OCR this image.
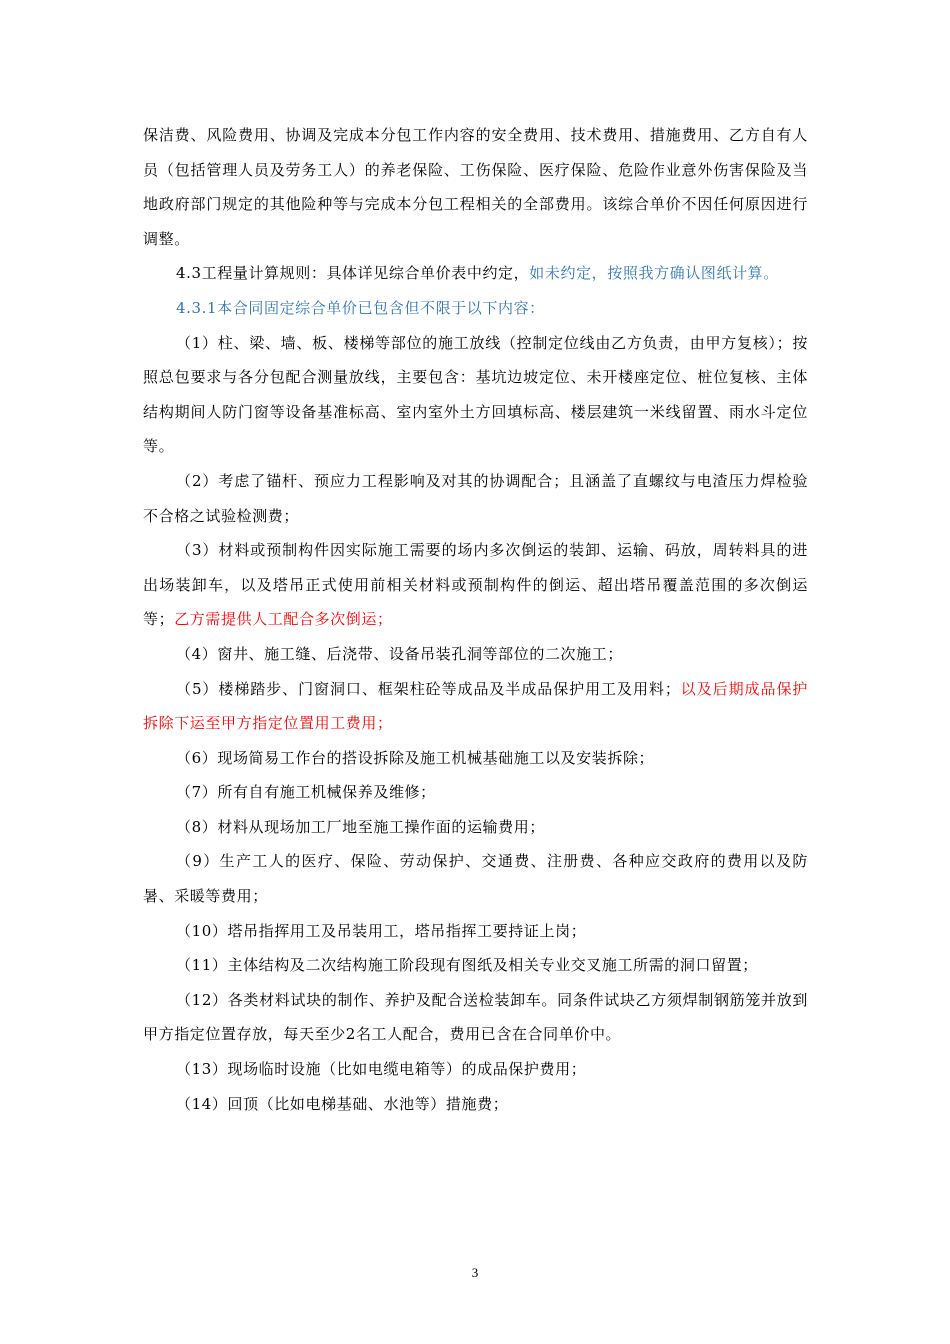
保洁费、风险费用、协调及完成本分包工作内容的安全费用、技术费用、措施费用、乙方自有人员（包括管理人员及劳务工人）的养老保险、工伤保险、医疗保险、危险作业意外伤害保险及当地政府部门规定的其他险种等与完成本分包工程相关的全部费用。该综合单价不因任何原因进行调整。

4.3工程量计算规则：具体详见综合单价表中约定，如未约定，按照我方确认图纸计算。

4.3.1本合同固定综合单价已包含但不限于以下内容：

（1）柱、梁、墙、板、楼梯等部位的施工放线（控制定位线由乙方负责，由甲方复核）；按照总包要求与各分包配合测量放线，主要包含：基坑边坡定位、未开楼座定位、桩位复核、主体结构期间人防门窗等设备基准标高、室内室外土方回填标高、楼层建筑一米线留置、雨水斗定位等。

（2）考虑了锚杆、预应力工程影响及对其的协调配合；且涵盖了直螺纹与电渣压力焊检验不合格之试验检测费；

（3）材料或预制构件因实际施工需要的场内多次倒运的装卸、运输、码放，周转料具的进出场装卸车，以及塔吊正式使用前相关材料或预制构件的倒运、超出塔吊覆盖范围的多次倒运等；乙方需提供人工配合多次倒运；

（4）窗井、施工缝、后浇带、设备吊装孔洞等部位的二次施工；

（5）楼梯踏步、门窗洞口、框架柱砼等成品及半成品保护用工及用料；以及后期成品保护拆除下运至甲方指定位置用工费用；

（6）现场简易工作台的搭设拆除及施工机械基础施工以及安装拆除；

（7）所有自有施工机械保养及维修；

（8）材料从现场加工厂地至施工操作面的运输费用；

（9）生产工人的医疗、保险、劳动保护、交通费、注册费、各种应交政府的费用以及防暑、采暖等费用；

（10）塔吊指挥用工及吊装用工，塔吊指挥工要持证上岗；

（11）主体结构及二次结构施工阶段现有图纸及相关专业交叉施工所需的洞口留置；

（12）各类材料试块的制作、养护及配合送检装卸车。同条件试块乙方须焊制钢筋笼并放到甲方指定位置存放，每天至少2名工人配合，费用已含在合同单价中。

（13）现场临时设施（比如电缆电箱等）的成品保护费用；

（14）回顶（比如电梯基础、水池等）措施费；

3
